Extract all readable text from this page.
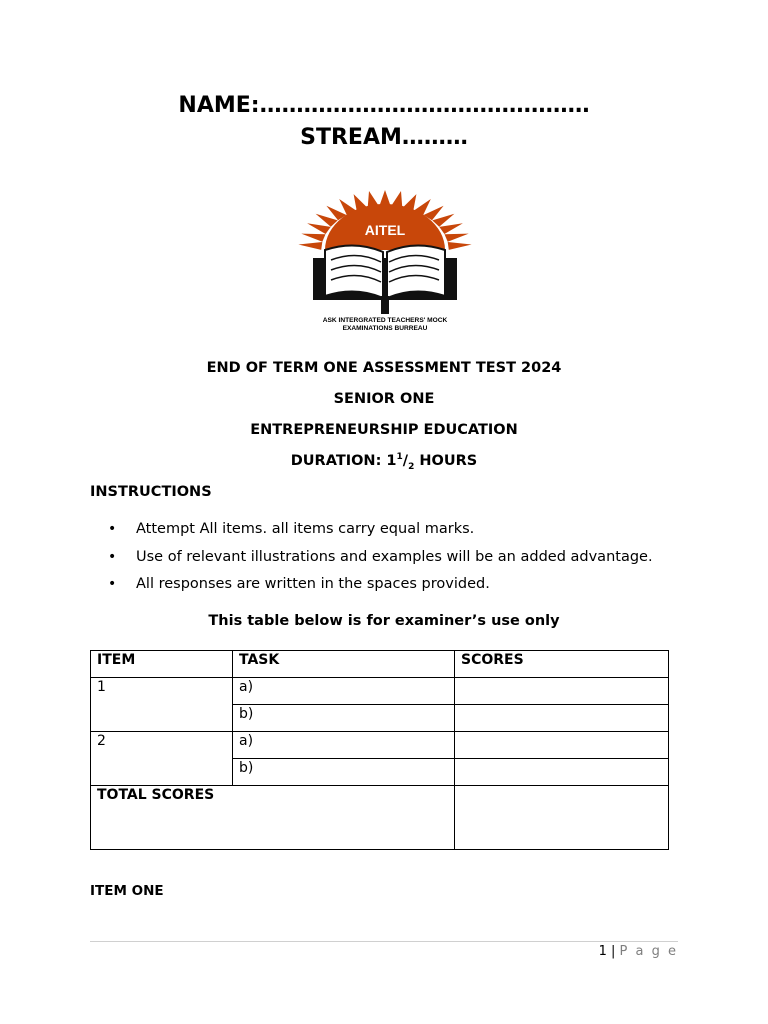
NAME:………………………………………
STREAM………
AITEL
ASK INTERGRATED TEACHERS' MOCK
EXAMINATIONS BURREAU
END OF TERM ONE ASSESSMENT TEST 2024
SENIOR ONE
ENTREPRENEURSHIP EDUCATION
DURATION: $1^1/_2$ HOURS
INSTRUCTIONS
• Attempt All items. all items carry equal marks.
• Use of relevant illustrations and examples will be an added advantage.
• All responses are written in the spaces provided.
This table below is for examiner’s use only
ITEM	TASK	SCORES
1	a)	
	b)	
2	a)	
	b)	
TOTAL SCORES		
ITEM ONE
1 | P a g e
